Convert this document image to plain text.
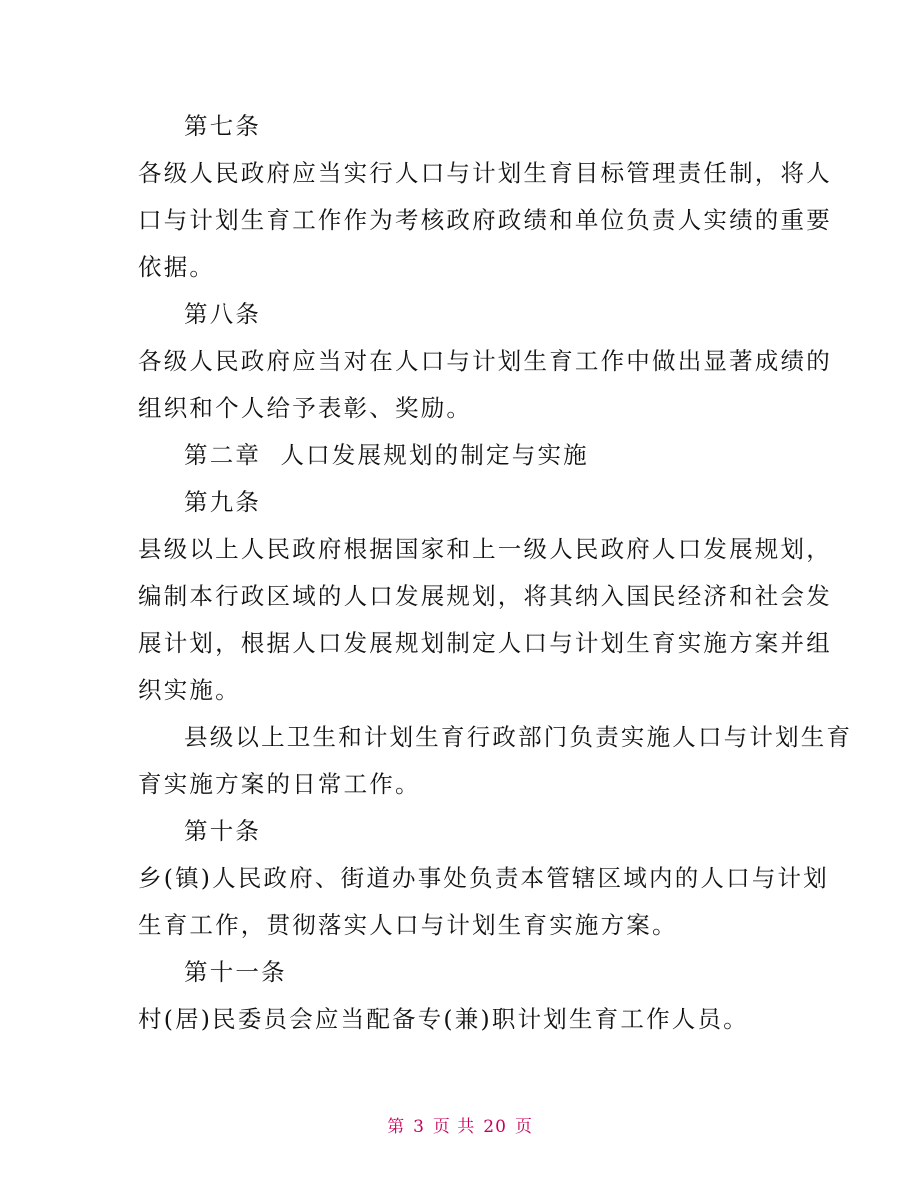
第七条
各级人民政府应当实行人口与计划生育目标管理责任制，将人
口与计划生育工作作为考核政府政绩和单位负责人实绩的重要
依据。
第八条
各级人民政府应当对在人口与计划生育工作中做出显著成绩的
组织和个人给予表彰、奖励。
第二章  人口发展规划的制定与实施
第九条
县级以上人民政府根据国家和上一级人民政府人口发展规划，
编制本行政区域的人口发展规划，将其纳入国民经济和社会发
展计划，根据人口发展规划制定人口与计划生育实施方案并组
织实施。
县级以上卫生和计划生育行政部门负责实施人口与计划生育
育实施方案的日常工作。
第十条
乡(镇)人民政府、街道办事处负责本管辖区域内的人口与计划
生育工作，贯彻落实人口与计划生育实施方案。
第十一条
村(居)民委员会应当配备专(兼)职计划生育工作人员。
第 3 页 共 20 页
